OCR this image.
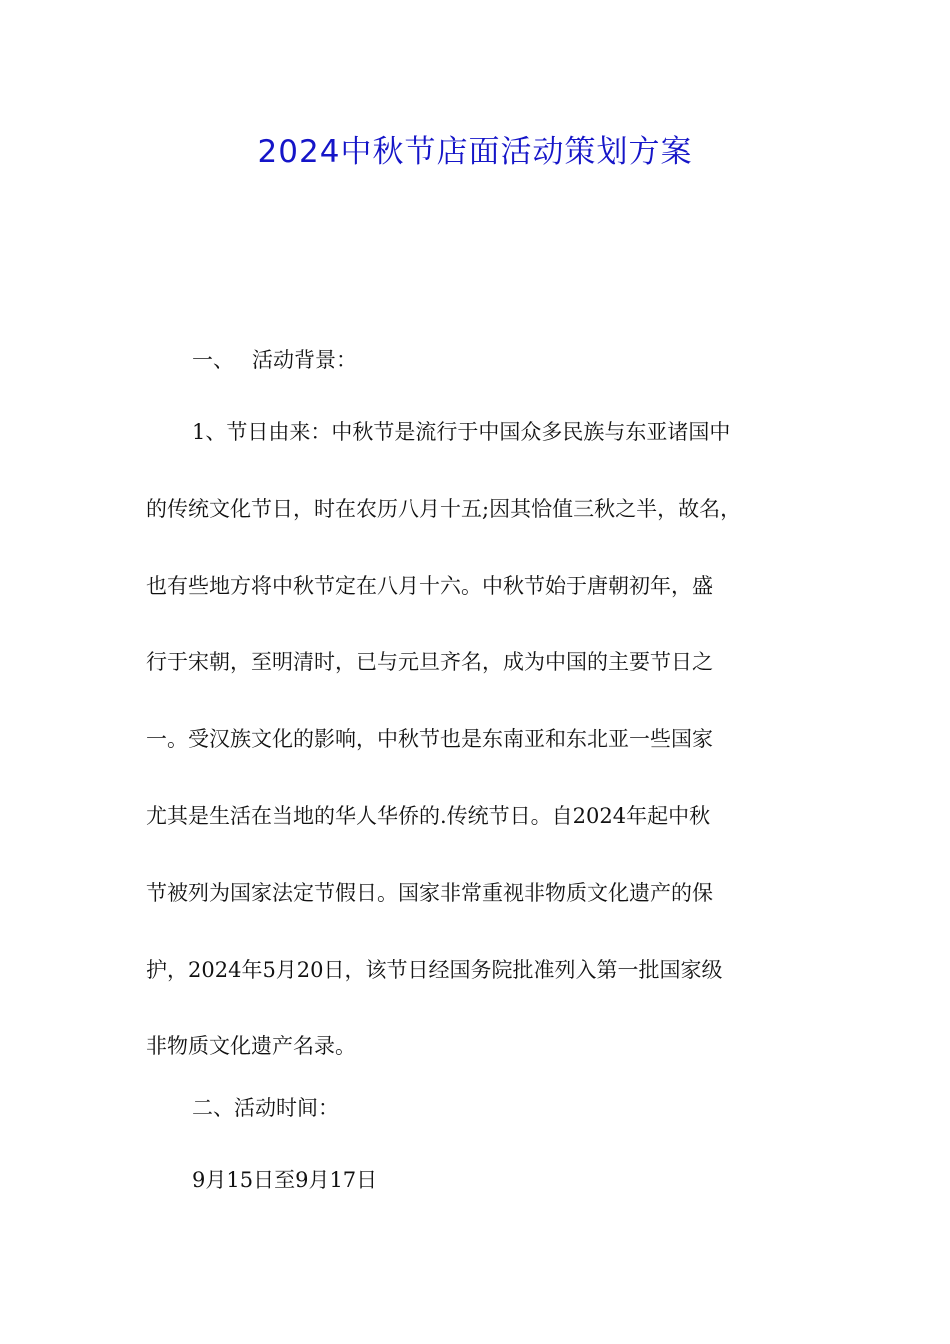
2024中秋节店面活动策划方案
一、 活动背景：
1、节日由来：中秋节是流行于中国众多民族与东亚诸国中
的传统文化节日，时在农历八月十五;因其恰值三秋之半，故名，
也有些地方将中秋节定在八月十六。中秋节始于唐朝初年，盛
行于宋朝，至明清时，已与元旦齐名，成为中国的主要节日之
一。受汉族文化的影响，中秋节也是东南亚和东北亚一些国家
尤其是生活在当地的华人华侨的.传统节日。自2024年起中秋
节被列为国家法定节假日。国家非常重视非物质文化遗产的保
护，2024年5月20日，该节日经国务院批准列入第一批国家级
非物质文化遗产名录。
二、活动时间：
9月15日至9月17日
